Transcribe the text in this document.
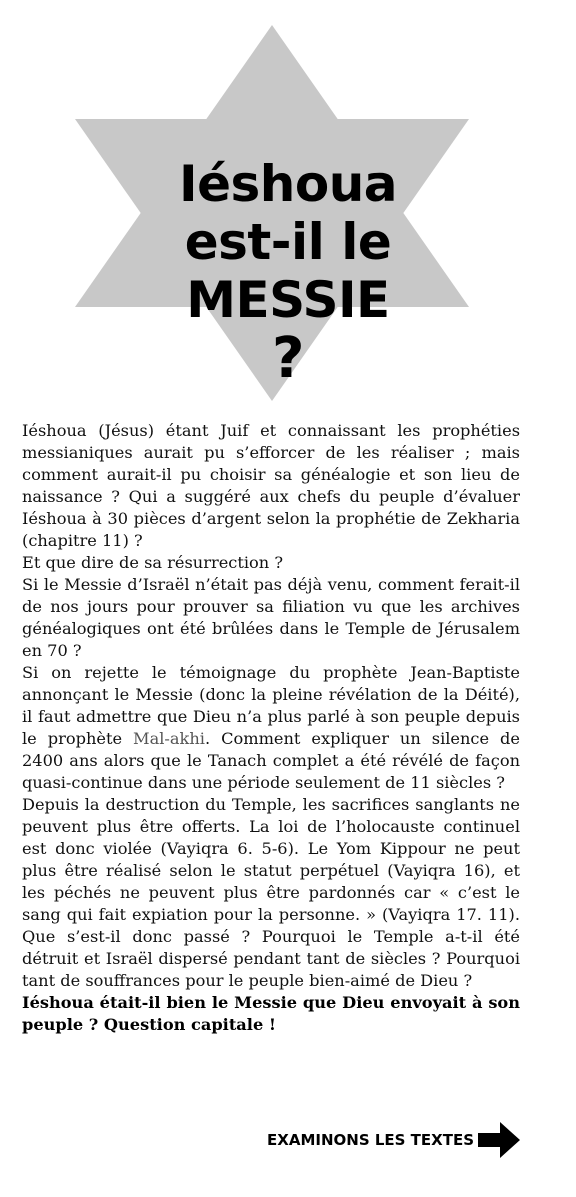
Iéshoua
est-il le
MESSIE
?

Iéshoua (Jésus) étant Juif et connaissant les prophéties messianiques aurait pu s’efforcer de les réaliser ; mais comment aurait-il pu choisir sa généalogie et son lieu de naissance ? Qui a suggéré aux chefs du peuple d’évaluer Iéshoua à 30 pièces d’argent selon la prophétie de Zekharia (chapitre 11) ?

Et que dire de sa résurrection ?

Si le Messie d’Israël n’était pas déjà venu, comment ferait-il de nos jours pour prouver sa filiation vu que les archives généalogiques ont été brûlées dans le Temple de Jérusalem en 70 ?

Si on rejette le témoignage du prophète Jean-Baptiste annonçant le Messie (donc la pleine révélation de la Déité), il faut admettre que Dieu n’a plus parlé à son peuple depuis le prophète Mal-akhi. Comment expliquer un silence de 2400 ans alors que le Tanach complet a été révélé de façon quasi-continue dans une période seulement de 11 siècles ?

Depuis la destruction du Temple, les sacrifices sanglants ne peuvent plus être offerts. La loi de l’holocauste continuel est donc violée (Vayiqra 6. 5-6). Le Yom Kippour ne peut plus être réalisé selon le statut perpétuel (Vayiqra 16), et les péchés ne peuvent plus être pardonnés car « c’est le sang qui fait expiation pour la personne. » (Vayiqra 17. 11). Que s’est-il donc passé ? Pourquoi le Temple a-t-il été détruit et Israël dispersé pendant tant de siècles ? Pourquoi tant de souffrances pour le peuple bien-aimé de Dieu ?

Iéshoua était-il bien le Messie que Dieu envoyait à son peuple ? Question capitale !

EXAMINONS LES TEXTES
